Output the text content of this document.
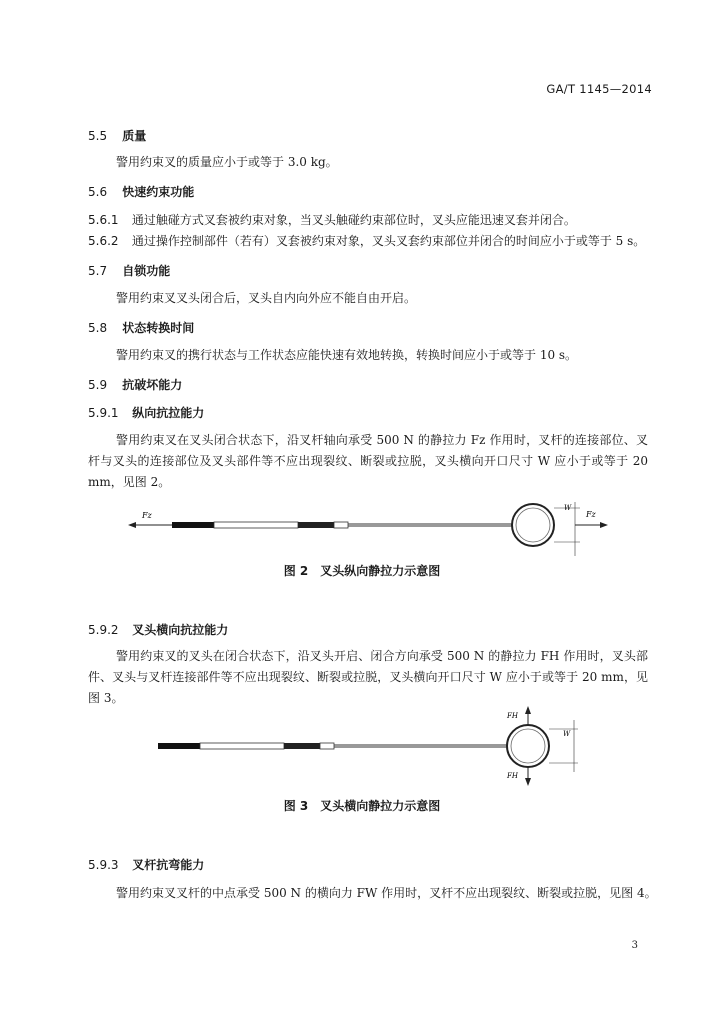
GA/T 1145—2014
5.5 质量
警用约束叉的质量应小于或等于 3.0 kg。
5.6 快速约束功能
5.6.1 通过触碰方式叉套被约束对象，当叉头触碰约束部位时，叉头应能迅速叉套并闭合。
5.6.2 通过操作控制部件（若有）叉套被约束对象，叉头叉套约束部位并闭合的时间应小于或等于 5 s。
5.7 自锁功能
警用约束叉叉头闭合后，叉头自内向外应不能自由开启。
5.8 状态转换时间
警用约束叉的携行状态与工作状态应能快速有效地转换，转换时间应小于或等于 10 s。
5.9 抗破坏能力
5.9.1 纵向抗拉能力
警用约束叉在叉头闭合状态下，沿叉杆轴向承受 500 N 的静拉力 Fz 作用时，叉杆的连接部位、叉杆与叉头的连接部位及叉头部件等不应出现裂纹、断裂或拉脱，叉头横向开口尺寸 W 应小于或等于 20 mm，见图 2。
Fz
W
Fz
图 2　叉头纵向静拉力示意图
5.9.2 叉头横向抗拉能力
警用约束叉的叉头在闭合状态下，沿叉头开启、闭合方向承受 500 N 的静拉力 FH 作用时，叉头部件、叉头与叉杆连接部件等不应出现裂纹、断裂或拉脱，叉头横向开口尺寸 W 应小于或等于 20 mm，见图 3。
FH
FH
W
图 3　叉头横向静拉力示意图
5.9.3 叉杆抗弯能力
警用约束叉叉杆的中点承受 500 N 的横向力 FW 作用时，叉杆不应出现裂纹、断裂或拉脱，见图 4。
3
